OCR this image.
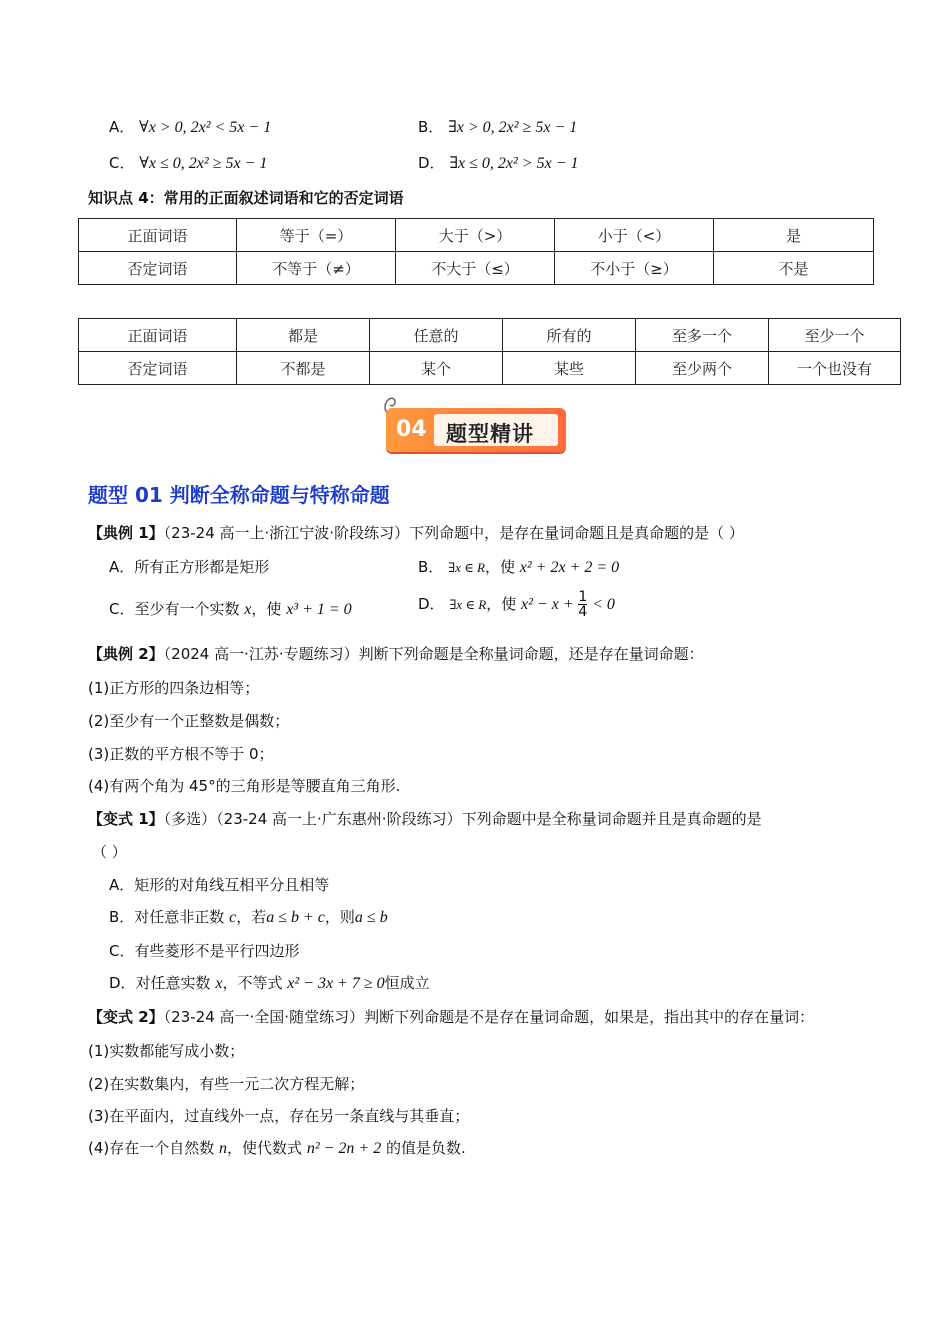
A． ∀x > 0, 2x² < 5x − 1	B． ∃x > 0, 2x² ≥ 5x − 1
C． ∀x ≤ 0, 2x² ≥ 5x − 1	D． ∃x ≤ 0, 2x² > 5x − 1
知识点 4：常用的正面叙述词语和它的否定词语
正面词语	等于（=）	大于（>）	小于（<）	是
否定词语	不等于（≠）	不大于（≤）	不小于（≥）	不是
正面词语	都是	任意的	所有的	至多一个	至少一个
否定词语	不都是	某个	某些	至少两个	一个也没有
04 题型精讲
题型 01 判断全称命题与特称命题
【典例 1】（23-24 高一上·浙江宁波·阶段练习）下列命题中，是存在量词命题且是真命题的是（ ）
A．所有正方形都是矩形	B． ∃x ∈ R，使 x² + 2x + 2 = 0
C．至少有一个实数 x，使 x³ + 1 = 0	D． ∃x ∈ R，使 $x^2 - x + \frac{1}{4} < 0$
【典例 2】（2024 高一·江苏·专题练习）判断下列命题是全称量词命题，还是存在量词命题：
(1)正方形的四条边相等；
(2)至少有一个正整数是偶数；
(3)正数的平方根不等于 0；
(4)有两个角为 45°的三角形是等腰直角三角形.
【变式 1】（多选）（23-24 高一上·广东惠州·阶段练习）下列命题中是全称量词命题并且是真命题的是
（ ）
A．矩形的对角线互相平分且相等
B．对任意非正数 c，若a ≤ b + c，则a ≤ b
C．有些菱形不是平行四边形
D．对任意实数 x，不等式 x² − 3x + 7 ≥ 0恒成立
【变式 2】（23-24 高一·全国·随堂练习）判断下列命题是不是存在量词命题，如果是，指出其中的存在量词：
(1)实数都能写成小数；
(2)在实数集内，有些一元二次方程无解；
(3)在平面内，过直线外一点，存在另一条直线与其垂直；
(4)存在一个自然数 n，使代数式 n² − 2n + 2 的值是负数.
